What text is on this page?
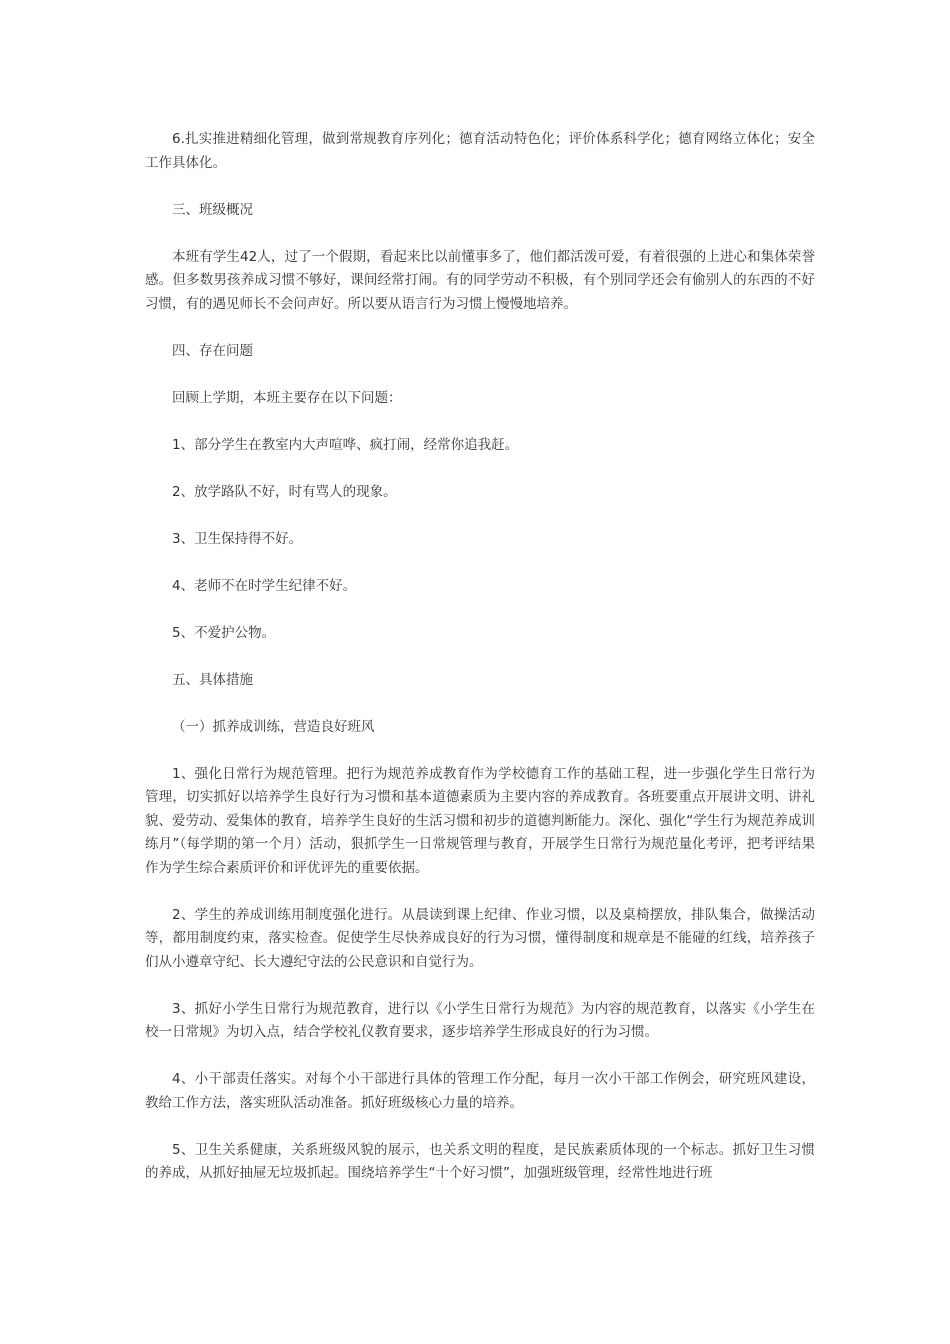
6.扎实推进精细化管理，做到常规教育序列化；德育活动特色化；评价体系科学化；德育网络立体化；安全工作具体化。

三、班级概况

本班有学生42人，过了一个假期，看起来比以前懂事多了，他们都活泼可爱，有着很强的上进心和集体荣誉感。但多数男孩养成习惯不够好，课间经常打闹。有的同学劳动不积极，有个别同学还会有偷别人的东西的不好习惯，有的遇见师长不会问声好。所以要从语言行为习惯上慢慢地培养。

四、存在问题

回顾上学期，本班主要存在以下问题：

1、部分学生在教室内大声喧哗、疯打闹，经常你追我赶。

2、放学路队不好，时有骂人的现象。

3、卫生保持得不好。

4、老师不在时学生纪律不好。

5、不爱护公物。

五、具体措施

（一）抓养成训练，营造良好班风

1、强化日常行为规范管理。把行为规范养成教育作为学校德育工作的基础工程，进一步强化学生日常行为管理，切实抓好以培养学生良好行为习惯和基本道德素质为主要内容的养成教育。各班要重点开展讲文明、讲礼貌、爱劳动、爱集体的教育，培养学生良好的生活习惯和初步的道德判断能力。深化、强化“学生行为规范养成训练月”（每学期的第一个月）活动，狠抓学生一日常规管理与教育，开展学生日常行为规范量化考评，把考评结果作为学生综合素质评价和评优评先的重要依据。

2、学生的养成训练用制度强化进行。从晨读到课上纪律、作业习惯，以及桌椅摆放，排队集合，做操活动等，都用制度约束，落实检查。促使学生尽快养成良好的行为习惯，懂得制度和规章是不能碰的红线，培养孩子们从小遵章守纪、长大遵纪守法的公民意识和自觉行为。

3、抓好小学生日常行为规范教育，进行以《小学生日常行为规范》为内容的规范教育，以落实《小学生在校一日常规》为切入点，结合学校礼仪教育要求，逐步培养学生形成良好的行为习惯。

4、小干部责任落实。对每个小干部进行具体的管理工作分配，每月一次小干部工作例会，研究班风建设，教给工作方法，落实班队活动准备。抓好班级核心力量的培养。

5、卫生关系健康，关系班级风貌的展示，也关系文明的程度，是民族素质体现的一个标志。抓好卫生习惯的养成，从抓好抽屉无垃圾抓起。围绕培养学生“十个好习惯”，加强班级管理，经常性地进行班
